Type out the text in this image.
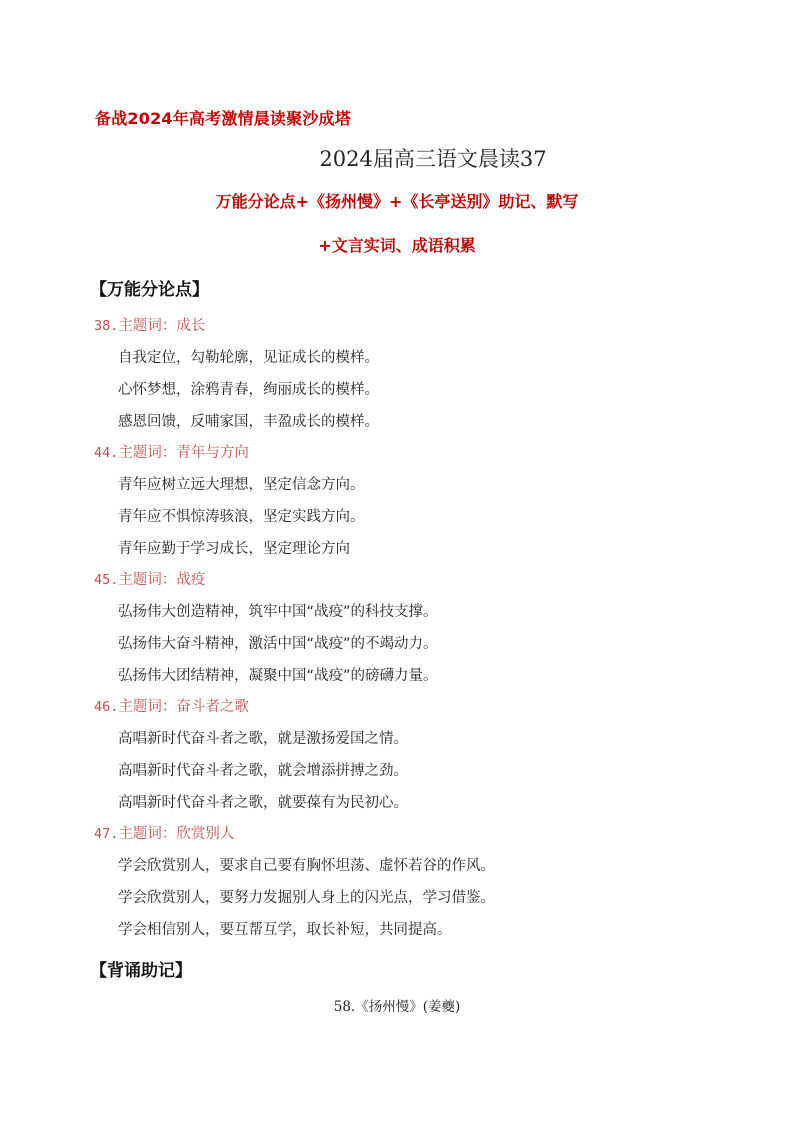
备战2024年高考激情晨读聚沙成塔
2024届高三语文晨读37
万能分论点+《扬州慢》+《长亭送别》助记、默写
+文言实词、成语积累
【万能分论点】
38.主题词：成长
自我定位，勾勒轮廓，见证成长的模样。
心怀梦想，涂鸦青春，绚丽成长的模样。
感恩回馈，反哺家国，丰盈成长的模样。
44.主题词：青年与方向
青年应树立远大理想，坚定信念方向。
青年应不惧惊涛骇浪，坚定实践方向。
青年应勤于学习成长，坚定理论方向
45.主题词：战疫
弘扬伟大创造精神，筑牢中国“战疫”的科技支撑。
弘扬伟大奋斗精神，激活中国“战疫”的不竭动力。
弘扬伟大团结精神，凝聚中国“战疫”的磅礴力量。
46.主题词：奋斗者之歌
高唱新时代奋斗者之歌，就是激扬爱国之情。
高唱新时代奋斗者之歌，就会增添拼搏之劲。
高唱新时代奋斗者之歌，就要葆有为民初心。
47.主题词：欣赏别人
学会欣赏别人，要求自己要有胸怀坦荡、虚怀若谷的作风。
学会欣赏别人，要努力发掘别人身上的闪光点，学习借鉴。
学会相信别人，要互帮互学，取长补短，共同提高。
【背诵助记】
58.《扬州慢》(姜夔)
